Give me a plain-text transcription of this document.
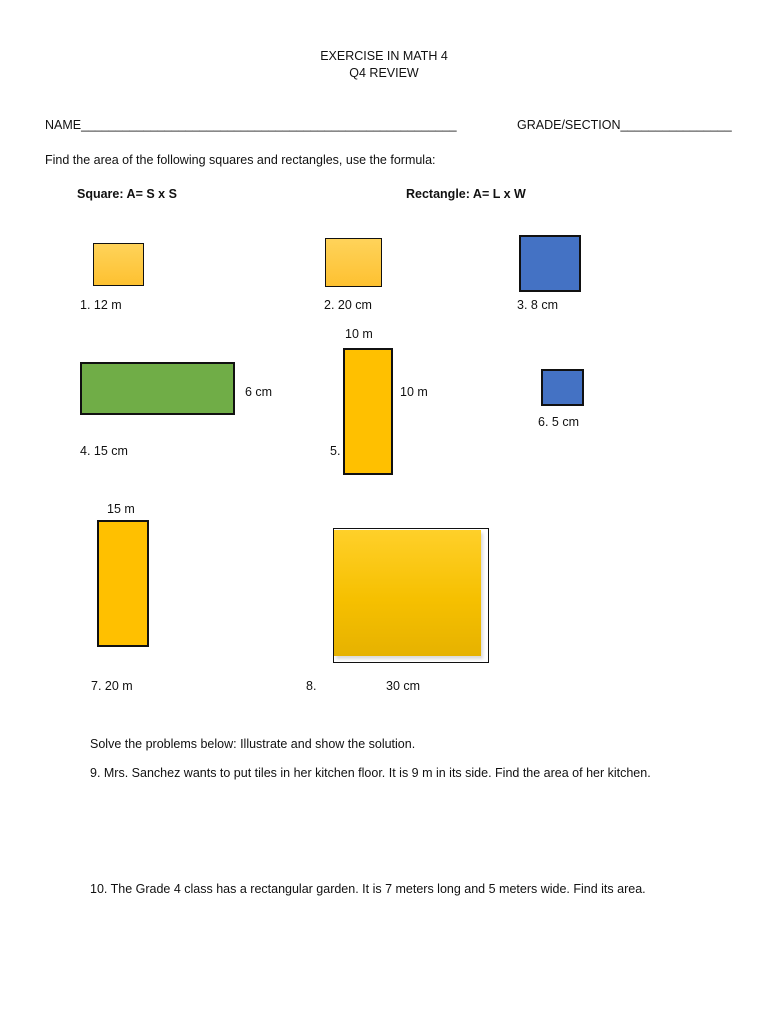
EXERCISE IN MATH 4
Q4 REVIEW
NAME______________________________________________________	GRADE/SECTION________________
Find the area of the following squares and rectangles, use the formula:
Square: A= S x S	Rectangle: A= L x W
1. 12 m	2. 20 cm	3. 8 cm
6 cm
4. 15 cm
10 m
10 m
5.
6. 5 cm
15 m
7. 20 m	8.	30 cm
Solve the problems below: Illustrate and show the solution.
9. Mrs. Sanchez wants to put tiles in her kitchen floor. It is 9 m in its side. Find the area of her kitchen.
10. The Grade 4 class has a rectangular garden. It is 7 meters long and 5 meters wide. Find its area.
